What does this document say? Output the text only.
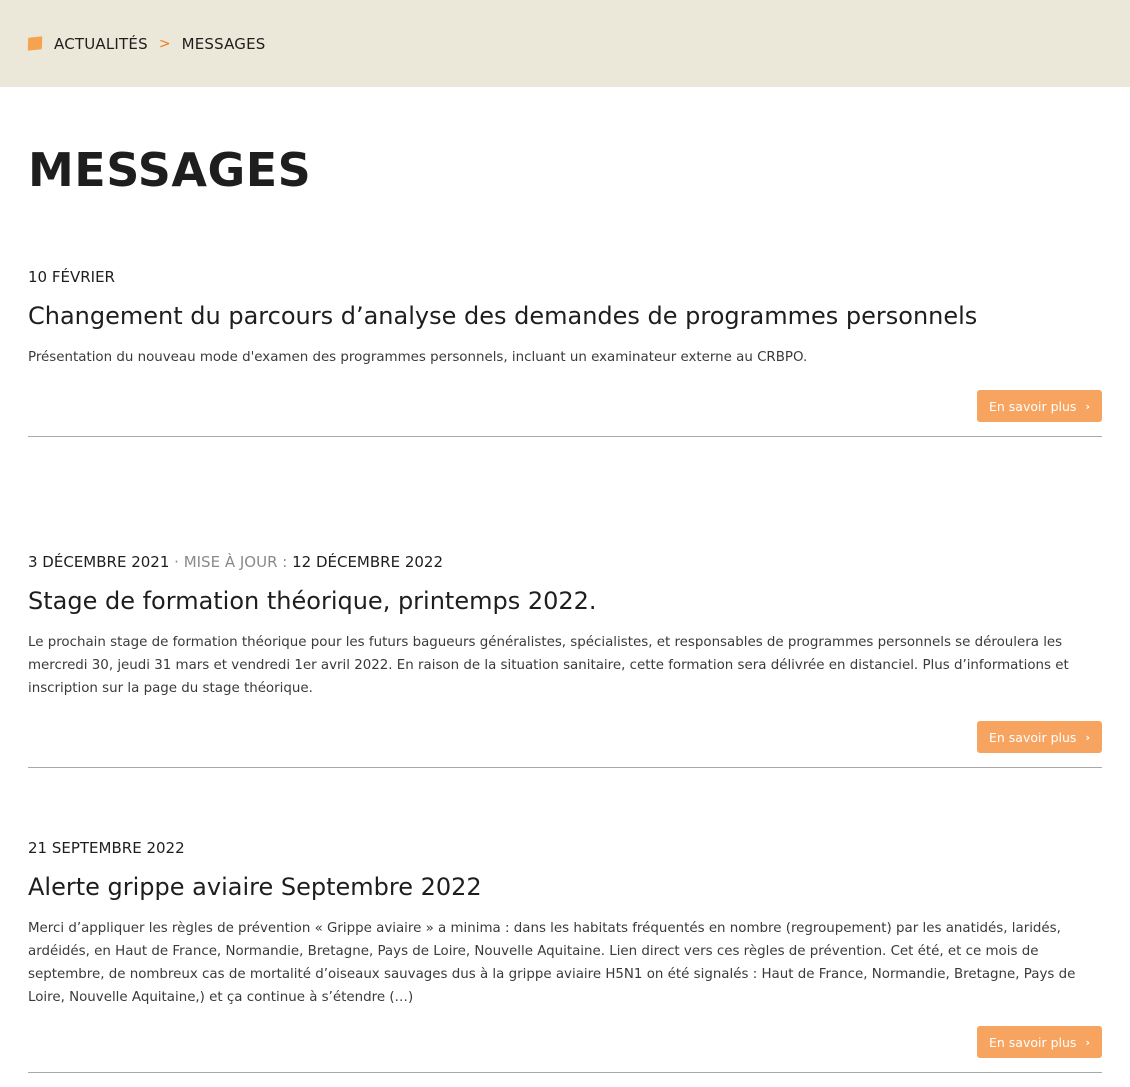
ACTUALITÉS > MESSAGES
MESSAGES
10 FÉVRIER
Changement du parcours d’analyse des demandes de programmes personnels

Présentation du nouveau mode d'examen des programmes personnels, incluant un examinateur externe au CRBPO.

En savoir plus ›
3 DÉCEMBRE 2021 · MISE À JOUR : 12 DÉCEMBRE 2022
Stage de formation théorique, printemps 2022.

Le prochain stage de formation théorique pour les futurs bagueurs généralistes, spécialistes, et responsables de programmes personnels se déroulera les mercredi 30, jeudi 31 mars et vendredi 1er avril 2022. En raison de la situation sanitaire, cette formation sera délivrée en distanciel. Plus d’informations et inscription sur la page du stage théorique.

En savoir plus ›
21 SEPTEMBRE 2022
Alerte grippe aviaire Septembre 2022

Merci d’appliquer les règles de prévention « Grippe aviaire » a minima : dans les habitats fréquentés en nombre (regroupement) par les anatidés, laridés, ardéidés, en Haut de France, Normandie, Bretagne, Pays de Loire, Nouvelle Aquitaine. Lien direct vers ces règles de prévention. Cet été, et ce mois de septembre, de nombreux cas de mortalité d’oiseaux sauvages dus à la grippe aviaire H5N1 on été signalés : Haut de France, Normandie, Bretagne, Pays de Loire, Nouvelle Aquitaine,) et ça continue à s’étendre (…)

En savoir plus ›
